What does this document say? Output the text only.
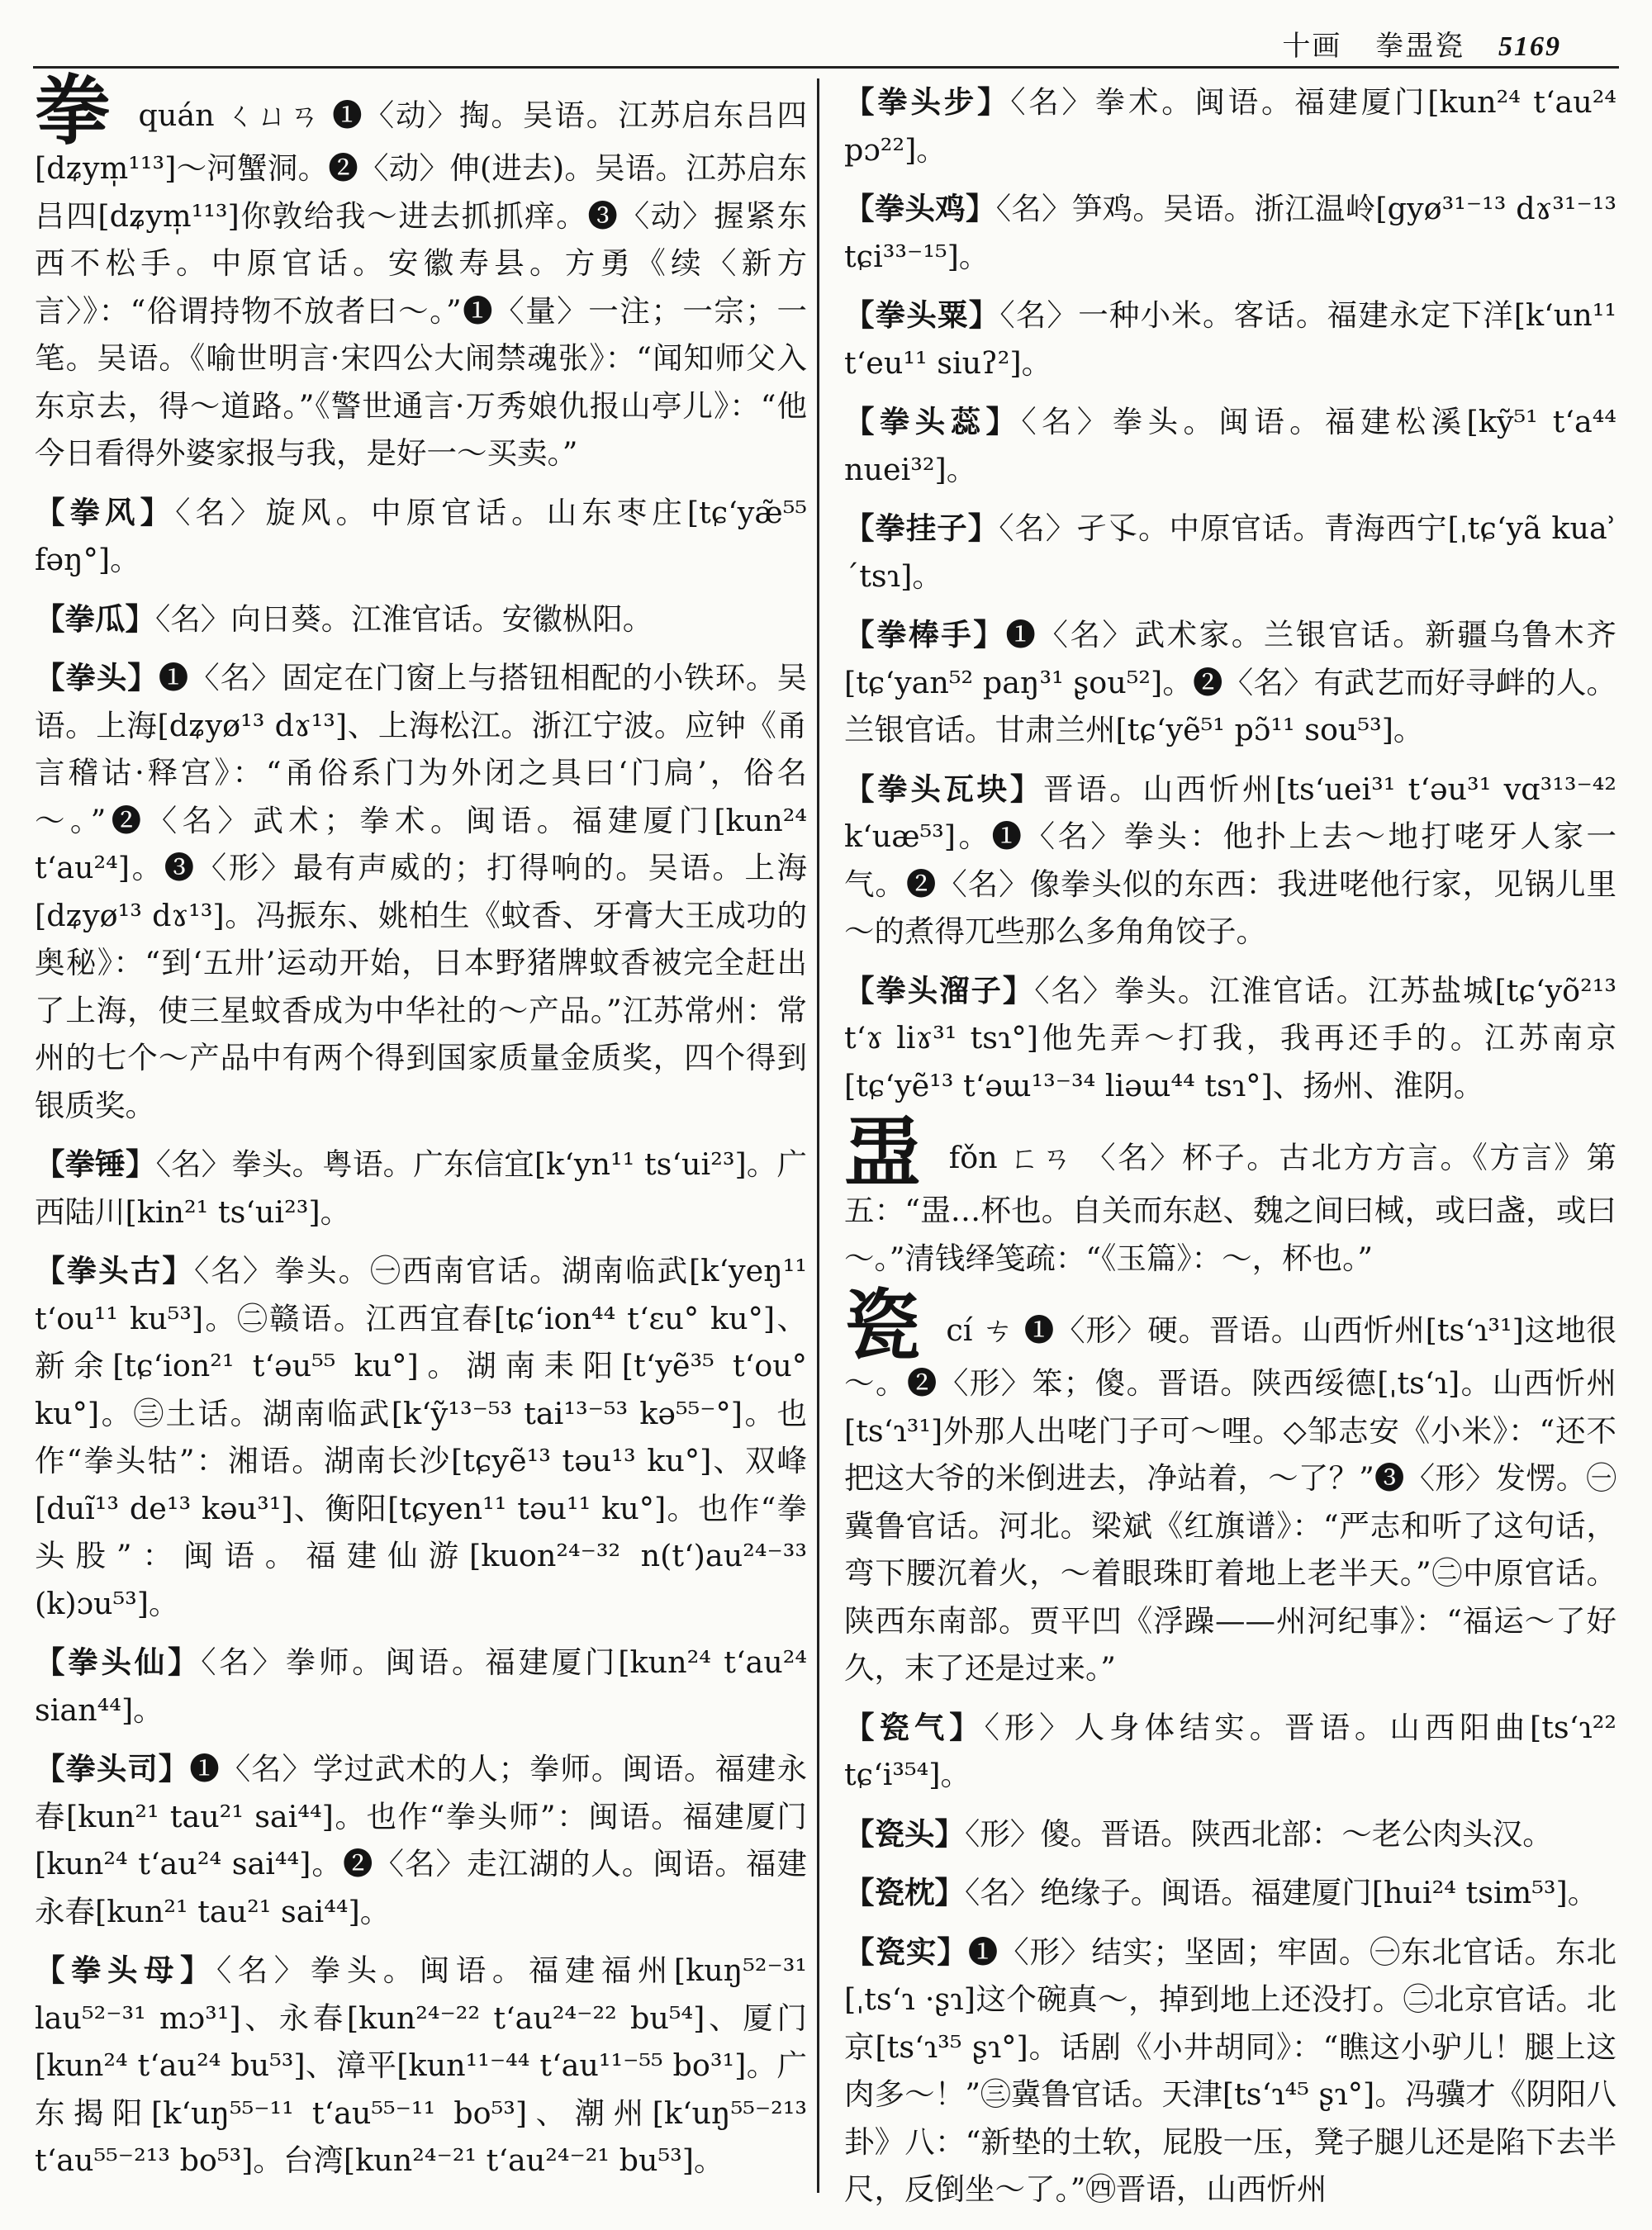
十画 拳盄瓷 5169
拳 quán ㄑㄩㄢ ❶〈动〉掏。吴语。江苏启东吕四[dʑym̩¹¹³]～河蟹洞。❷〈动〉伸(进去)。吴语。江苏启东吕四[dʑym̩¹¹³]你敦给我～进去抓抓痒。❸〈动〉握紧东西不松手。中原官话。安徽寿县。方勇《续〈新方言〉》：“俗谓持物不放者曰～。”❶〈量〉一注；一宗；一笔。吴语。《喻世明言·宋四公大闹禁魂张》：“闻知师父入东京去，得～道路。”《警世通言·万秀娘仇报山亭儿》：“他今日看得外婆家报与我，是好一～买卖。”
【拳风】〈名〉旋风。中原官话。山东枣庄[tɕʻyæ̃⁵⁵ fəŋ°]。
【拳瓜】〈名〉向日葵。江淮官话。安徽枞阳。
【拳头】❶〈名〉固定在门窗上与搭钮相配的小铁环。吴语。上海[dʑyø¹³ dɤ¹³]、上海松江。浙江宁波。应钟《甬言稽诂·释宫》：“甬俗系门为外闭之具曰‘门扃’，俗名～。”❷〈名〉武术；拳术。闽语。福建厦门[kun²⁴ tʻau²⁴]。❸〈形〉最有声威的；打得响的。吴语。上海[dʑyø¹³ dɤ¹³]。冯振东、姚柏生《蚊香、牙膏大王成功的奥秘》：“到‘五卅’运动开始，日本野猪牌蚊香被完全赶出了上海，使三星蚊香成为中华社的～产品。”江苏常州：常州的七个～产品中有两个得到国家质量金质奖，四个得到银质奖。
【拳锤】〈名〉拳头。粤语。广东信宜[kʻyn¹¹ tsʻui²³]。广西陆川[kin²¹ tsʻui²³]。
【拳头古】〈名〉拳头。㊀西南官话。湖南临武[kʻyeŋ¹¹ tʻou¹¹ ku⁵³]。㊁赣语。江西宜春[tɕʻion⁴⁴ tʻɛu° ku°]、新余[tɕʻion²¹ tʻəu⁵⁵ ku°]。湖南耒阳[tʻyẽ³⁵ tʻou° ku°]。㊂土话。湖南临武[kʻỹ¹³⁻⁵³ tai¹³⁻⁵³ kə⁵⁵⁻°]。也作“拳头牯”：湘语。湖南长沙[tɕyẽ¹³ təu¹³ ku°]、双峰[duĩ¹³ de¹³ kəu³¹]、衡阳[tɕyen¹¹ təu¹¹ ku°]。也作“拳头股”：闽语。福建仙游[kuon²⁴⁻³² n(tʻ)au²⁴⁻³³ (k)ɔu⁵³]。
【拳头仙】〈名〉拳师。闽语。福建厦门[kun²⁴ tʻau²⁴ sian⁴⁴]。
【拳头司】❶〈名〉学过武术的人；拳师。闽语。福建永春[kun²¹ tau²¹ sai⁴⁴]。也作“拳头师”：闽语。福建厦门[kun²⁴ tʻau²⁴ sai⁴⁴]。❷〈名〉走江湖的人。闽语。福建永春[kun²¹ tau²¹ sai⁴⁴]。
【拳头母】〈名〉拳头。闽语。福建福州[kuŋ⁵²⁻³¹ lau⁵²⁻³¹ mɔ³¹]、永春[kun²⁴⁻²² tʻau²⁴⁻²² bu⁵⁴]、厦门[kun²⁴ tʻau²⁴ bu⁵³]、漳平[kun¹¹⁻⁴⁴ tʻau¹¹⁻⁵⁵ bo³¹]。广东揭阳[kʻuŋ⁵⁵⁻¹¹ tʻau⁵⁵⁻¹¹ bo⁵³]、潮州[kʻuŋ⁵⁵⁻²¹³ tʻau⁵⁵⁻²¹³ bo⁵³]。台湾[kun²⁴⁻²¹ tʻau²⁴⁻²¹ bu⁵³]。
【拳头步】〈名〉拳术。闽语。福建厦门[kun²⁴ tʻau²⁴ pɔ²²]。
【拳头鸡】〈名〉笋鸡。吴语。浙江温岭[gyø³¹⁻¹³ dɤ³¹⁻¹³ tɕi³³⁻¹⁵]。
【拳头粟】〈名〉一种小米。客话。福建永定下洋[kʻun¹¹ tʻeu¹¹ siuʔ²]。
【拳头蕊】〈名〉拳头。闽语。福建松溪[kỹ⁵¹ tʻa⁴⁴ nuei³²]。
【拳挂子】〈名〉孑孓。中原官话。青海西宁[ˌtɕʻyã kuaʾ ˊtsɿ]。
【拳棒手】❶〈名〉武术家。兰银官话。新疆乌鲁木齐[tɕʻyan⁵² paŋ³¹ ʂou⁵²]。❷〈名〉有武艺而好寻衅的人。兰银官话。甘肃兰州[tɕʻyẽ⁵¹ pɔ̃¹¹ sou⁵³]。
【拳头瓦块】晋语。山西忻州[tsʻuei³¹ tʻəu³¹ vɑ³¹³⁻⁴² kʻuæ⁵³]。❶〈名〉拳头：他扑上去～地打咾牙人家一气。❷〈名〉像拳头似的东西：我进咾他行家，见锅儿里～的煮得兀些那么多角角饺子。
【拳头溜子】〈名〉拳头。江淮官话。江苏盐城[tɕʻyõ²¹³ tʻɤ liɤ³¹ tsɿ°]他先弄～打我，我再还手的。江苏南京[tɕʻyẽ¹³ tʻəɯ¹³⁻³⁴ liəɯ⁴⁴ tsɿ°]、扬州、淮阴。
盄 fǒn ㄈㄢ 〈名〉杯子。古北方方言。《方言》第五：“盄…杯也。自关而东赵、魏之间曰棫，或曰盏，或曰～。”清钱绎笺疏：“《玉篇》：～，杯也。”
瓷 cí ㄘ ❶〈形〉硬。晋语。山西忻州[tsʻɿ³¹]这地很～。❷〈形〉笨；傻。晋语。陕西绥德[ˌtsʻɿ]。山西忻州[tsʻɿ³¹]外那人出咾门子可～哩。◇邹志安《小米》：“还不把这大爷的米倒进去，净站着，～了？”❸〈形〉发愣。㊀冀鲁官话。河北。梁斌《红旗谱》：“严志和听了这句话，弯下腰沉着火，～着眼珠盯着地上老半天。”㊁中原官话。陕西东南部。贾平凹《浮躁——州河纪事》：“福运～了好久，末了还是过来。”
【瓷气】〈形〉人身体结实。晋语。山西阳曲[tsʻɿ²² tɕʻi³⁵⁴]。
【瓷头】〈形〉傻。晋语。陕西北部：～老公肉头汉。
【瓷枕】〈名〉绝缘子。闽语。福建厦门[hui²⁴ tsim⁵³]。
【瓷实】❶〈形〉结实；坚固；牢固。㊀东北官话。东北[ˌtsʻɿ ·ʂɿ]这个碗真～，掉到地上还没打。㊁北京官话。北京[tsʻɿ³⁵ ʂɿ°]。话剧《小井胡同》：“瞧这小驴儿！腿上这肉多～！”㊂冀鲁官话。天津[tsʻɿ⁴⁵ ʂɿ°]。冯骥才《阴阳八卦》八：“新垫的土软，屁股一压，凳子腿儿还是陷下去半尺，反倒坐～了。”㊃晋语，山西忻州
